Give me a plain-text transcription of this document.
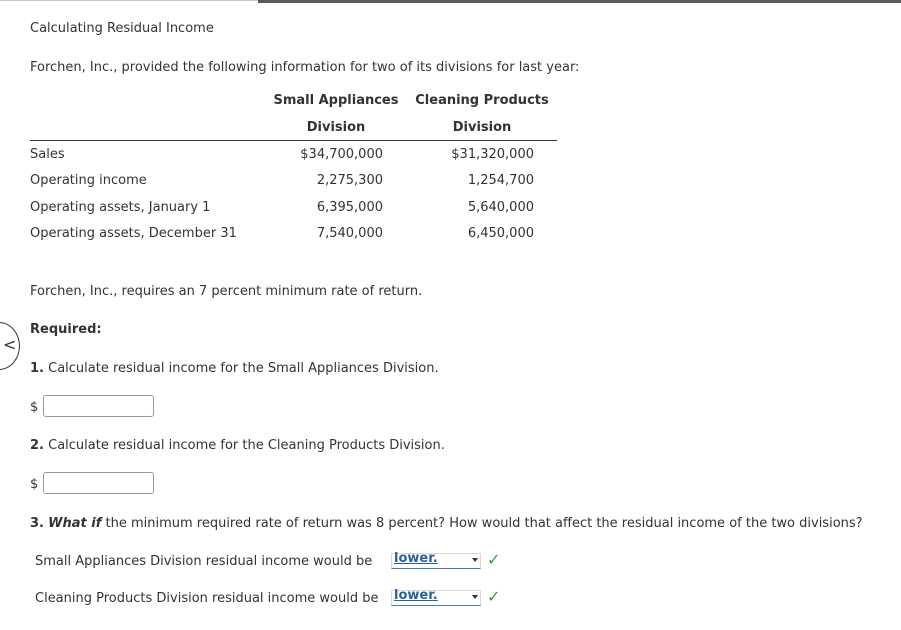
Calculating Residual Income
Forchen, Inc., provided the following information for two of its divisions for last year:
Small Appliances
Division
Cleaning Products
Division
Sales	$34,700,000	$31,320,000
Operating income	2,275,300	1,254,700
Operating assets, January 1	6,395,000	5,640,000
Operating assets, December 31	7,540,000	6,450,000
Forchen, Inc., requires an 7 percent minimum rate of return.
Required:
<
1. Calculate residual income for the Small Appliances Division.
$
2. Calculate residual income for the Cleaning Products Division.
$
3. What if the minimum required rate of return was 8 percent? How would that affect the residual income of the two divisions?
Small Appliances Division residual income would be lower.	✓
Cleaning Products Division residual income would be lower.	✓
